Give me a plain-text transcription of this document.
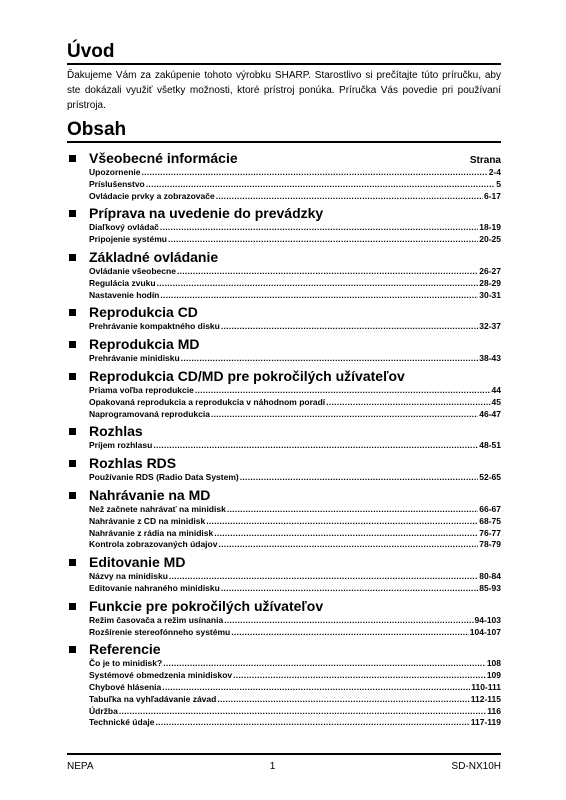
Úvod

Ďakujeme Vám za zakúpenie tohoto výrobku SHARP. Starostlivo si prečítajte túto príručku, aby ste dokázali využiť všetky možnosti, ktoré prístroj ponúka. Príručka Vás povedie pri používaní prístroja.

Obsah
Všeobecné informácie	Strana
Upozornenie .....	2-4
Príslušenstvo .....	5
Ovládacie prvky a zobrazovače .....	6-17
Príprava na uvedenie do prevádzky
Diaľkový ovládač .....	18-19
Pripojenie systému .....	20-25
Základné ovládanie
Ovládanie všeobecne .....	26-27
Regulácia zvuku .....	28-29
Nastavenie hodín .....	30-31
Reprodukcia CD
Prehrávanie kompaktného disku .....	32-37
Reprodukcia MD
Prehrávanie minidisku .....	38-43
Reprodukcia CD/MD pre pokročilých užívateľov
Priama voľba reprodukcie .....	44
Opakovaná reprodukcia a reprodukcia v náhodnom poradí .....	45
Naprogramovaná reprodukcia .....	46-47
Rozhlas
Príjem rozhlasu .....	48-51
Rozhlas RDS
Používanie RDS (Radio Data System) .....	52-65
Nahrávanie na MD
Než začnete nahrávať na minidisk .....	66-67
Nahrávanie z CD na minidisk .....	68-75
Nahrávanie z rádia na minidisk .....	76-77
Kontrola zobrazovaných údajov .....	78-79
Editovanie MD
Názvy na minidisku .....	80-84
Editovanie nahraného minidisku .....	85-93
Funkcie pre pokročilých užívateľov
Režim časovača a režim usínania .....	94-103
Rozšírenie stereofónneho systému .....	104-107
Referencie
Čo je to minidisk? .....	108
Systémové obmedzenia minidiskov .....	109
Chybové hlásenia .....	110-111
Tabuľka na vyhľadávanie závad .....	112-115
Údržba .....	116
Technické údaje .....	117-119
NEPA	1	SD-NX10H
